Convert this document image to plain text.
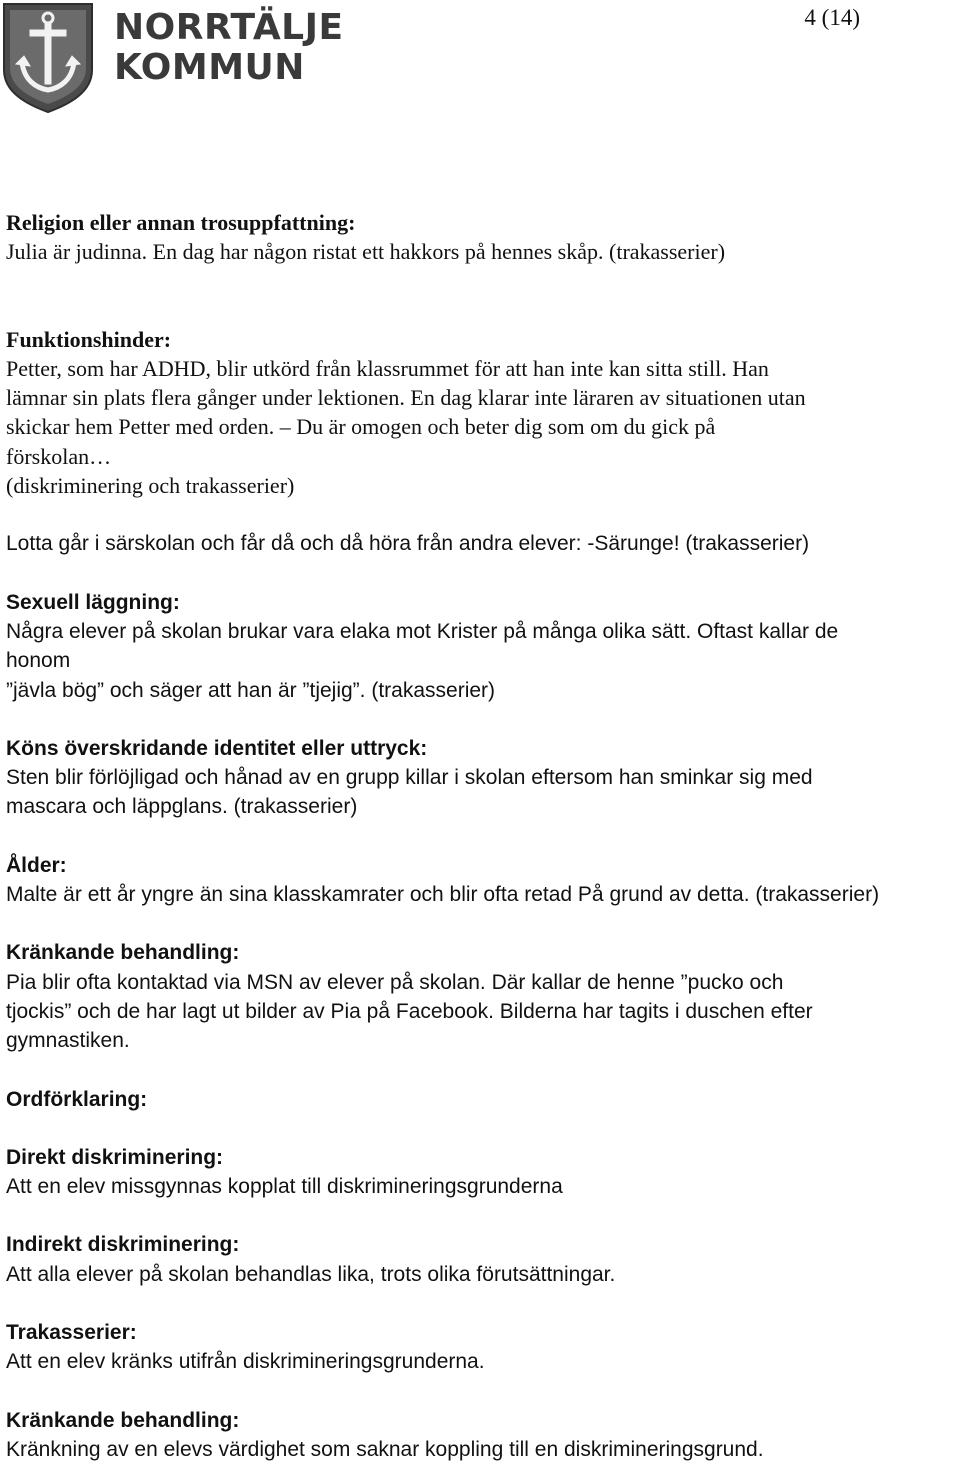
NORRTÄLJE
KOMMUN
4 (14)
Religion eller annan trosuppfattning:
Julia är judinna. En dag har någon ristat ett hakkors på hennes skåp. (trakasserier)
Funktionshinder:
Petter, som har ADHD, blir utkörd från klassrummet för att han inte kan sitta still. Han
lämnar sin plats flera gånger under lektionen. En dag klarar inte läraren av situationen utan
skickar hem Petter med orden. – Du är omogen och beter dig som om du gick på
förskolan…
(diskriminering och trakasserier)
Lotta går i särskolan och får då och då höra från andra elever: -Särunge! (trakasserier)
Sexuell läggning:
Några elever på skolan brukar vara elaka mot Krister på många olika sätt. Oftast kallar de
honom
”jävla bög” och säger att han är ”tjejig”. (trakasserier)
Köns överskridande identitet eller uttryck:
Sten blir förlöjligad och hånad av en grupp killar i skolan eftersom han sminkar sig med
mascara och läppglans. (trakasserier)
Ålder:
Malte är ett år yngre än sina klasskamrater och blir ofta retad På grund av detta. (trakasserier)
Kränkande behandling:
Pia blir ofta kontaktad via MSN av elever på skolan. Där kallar de henne ”pucko och
tjockis” och de har lagt ut bilder av Pia på Facebook. Bilderna har tagits i duschen efter
gymnastiken.
Ordförklaring:
Direkt diskriminering:
Att en elev missgynnas kopplat till diskrimineringsgrunderna
Indirekt diskriminering:
Att alla elever på skolan behandlas lika, trots olika förutsättningar.
Trakasserier:
Att en elev kränks utifrån diskrimineringsgrunderna.
Kränkande behandling:
Kränkning av en elevs värdighet som saknar koppling till en diskrimineringsgrund.
